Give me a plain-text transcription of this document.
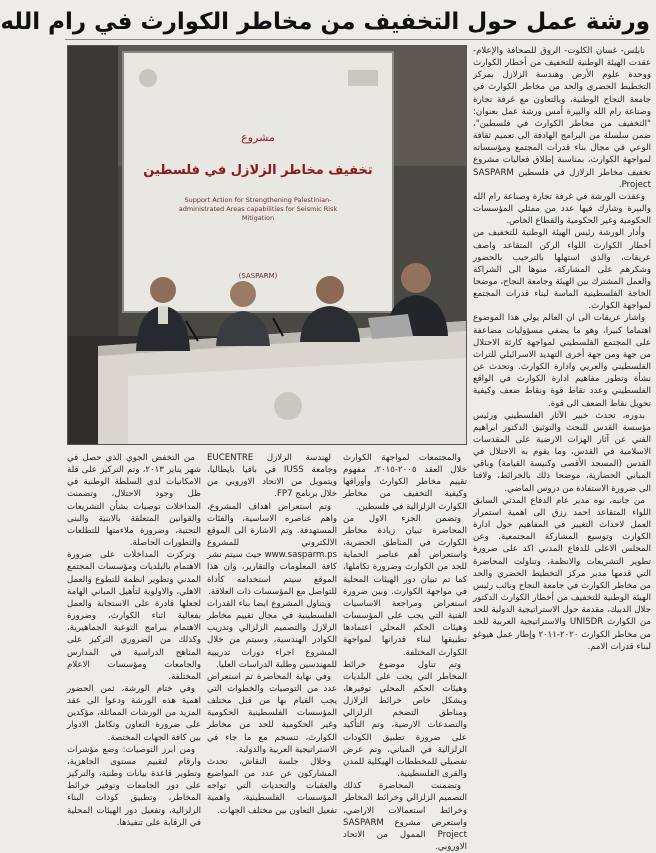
ورشة عمل حول التخفيف من مخاطر الكوارث في رام الله
مشروع
تخفيف مخاطر الزلازل في فلسطين
Support Action for Strengthening Palestinian-administrated Areas capabilities for Seismic Risk Mitigation
(SASPARM)

نابلس- غسان الكلوت- الروق للصحافة والإعلام- عقدت الهيئة الوطنية للتخفيف من أخطار الكوارث ووحدة علوم الأرض وهندسة الزلازل بمركز التخطيط الحضري والحد من مخاطر الكوارث في جامعة النجاح الوطنية، وبالتعاون مع غرفة تجارة وصناعة رام الله والبيرة أمس ورشة عمل بعنوان: "التخفيف من مخاطر الكوارث في فلسطين"، ضمن سلسلة من البرامج الهادفة الى تعميم ثقافة الوعي في مجال بناء قدرات المجتمع ومؤسساته لمواجهة الكوارث، بمناسبة إطلاق فعاليات مشروع تخفيف مخاطر الزلازل في فلسطين SASPARM Project.

وعقدت الورشة في غرفة تجارة وصناعة رام الله والبيرة وشارك فيها عدد من ممثلي المؤسسات الحكومية وغير الحكومية والقطاع الخاص.

وأدار الورشة رئيس الهيئة الوطنية للتخفيف من أخطار الكوارث اللواء الركن المتقاعد واصف عريقات، والذي استهلها بالترحيب بالحضور وشكرهم على المشاركة، منوها الى الشراكة والعمل المشترك بين الهيئة وجامعة النجاح، موضحا الحاجة الفلسطينية الماسة لبناء قدرات المجتمع لمواجهة الكوارث.

واشار عريقات الى ان العالم يولي هذا الموضوع اهتماما كبيرا، وهو ما يضفي مسؤوليات مضاعفة على المجتمع الفلسطيني لمواجهة كارثة الاحتلال من جهة ومن جهة أخرى التهديد الاسرائيلي للتراث الفلسطيني والعربي وادارة الكوارث. وتحدث عن نشأة وتطور مفاهيم ادارة الكوارث في الواقع الفلسطيني وعدد نقاط قوة ونقاط ضعف وكيفية تحويل نقاط الضعف الى قوة.

بدوره، تحدث خبير الآثار الفلسطيني ورئيس مؤسسة القدس للبحث والتوثيق الدكتور ابراهيم الفني عن آثار الهزات الارضية على المقدسات الاسلامية في القدس، وما يقوم به الاحتلال في القدس (المسجد الأقصى وكنيسة القيامة) وباقي المباني الحضارية، موضحا ذلك بالخرائط، ولافتا الى ضرورة الاستفادة من دروس الماضي.

من جانبه، نوه مدير عام الدفاع المدني السابق اللواء المتقاعد احمد رزق الى اهمية استمرار العمل لاحداث التغيير في المفاهيم حول ادارة الكوارث وتوسيع المشاركة المجتمعية. وعن المجلس الاعلى للدفاع المدني اكد على ضرورة تطوير التشريعات والانظمة، وتناولت المحاضرة التي قدمها مدير مركز التخطيط الحضري والحد من مخاطر الكوارث في جامعة النجاح ونائب رئيس الهيئة الوطنية للتخفيف من أخطار الكوارث الدكتور جلال الدبيك، مقدمة حول الاستراتيجية الدولية للحد من الكوارث UNISDR والاستراتيجية العربية للحد من مخاطر الكوارث ٢٠٢٠-٢٠١١ وإطار عمل هيوغو لبناء قدرات الامم.

والمجتمعات لمواجهة الكوارث خلال العقد ٢٠٠٥-٢٠١٥، مفهوم تقييم مخاطر الكوارث وأوراقها وكيفية التخفيف من مخاطر الكوارث الزلزالية في فلسطين.

وتضمن الجزء الاول من المحاضرة تبيان زيادة مخاطر الكوارث في المناطق الحضرية، واستعراض أهم عناصر الحماية للحد من الكوارث وضرورة تكاملها، كما تم تبيان دور الهيئات المحلية في مواجهة الكوارث. وبين ضرورة استعراض ومراجعة الاساسيات الفنية التي يجب على المؤسسات وهيئات الحكم المحلي اعتمادها تطبيقها لبناء قدراتها لمواجهة الكوارث المختلفة.

وتم تناول موضوع خرائط المخاطر التي يجب على البلديات وهيئات الحكم المحلي توفيرها، وبشكل خاص خرائط الزلازل ومناطق التضخم الزلزالي والتصدعات الارضية، وتم التأكيد على ضرورة تطبيق الكودات الزلزالية في المباني، وتم عرض تفصيلي للمخططات الهيكلية للمدن والقرى الفلسطينية.

وتضمنت المحاضرة كذلك التصميم الزلزالي وخرائط المخاطر وخرائط استعمالات الاراضي، واستعرض مشروع SASPARM Project الممول من الاتحاد الاوروبي.

لهندسة الزلازل EUCENTRE وجامعة IUSS في بافيا بايطاليا، ويتمويل من الاتحاد الاوروبي من خلال برنامج FP7.

وتم استعراض اهداف المشروع، واهم عناصره الاساسية، والفئات المستهدفة. وتم الاشارة الى الموقع الالكتروني للمشروع www.sasparm.ps حيث سيتم نشر كافة المعلومات والتقارير، وان هذا الموقع سيتم استخدامه كأداة للتواصل مع المؤسسات ذات العلاقة.

ويتناول المشروع ايضا بناء القدرات الفلسطينية في مجال تقييم مخاطر الزلازل والتصميم الزلزالي وتدريب الكوادر الهندسية، وسيتم من خلال المشروع اجراء دورات تدريبية للمهندسين وطلبة الدراسات العليا.

وفي نهاية المحاضرة تم استعراض عدد من التوصيات والخطوات التي يجب القيام بها من قبل مختلف المؤسسات الفلسطينية الحكومية وغير الحكومية للحد من مخاطر الكوارث، تنسجم مع ما جاء في الاستراتيجية العربية والدولية.

وخلال جلسة النقاش، تحدث المشاركون عن عدد من المواضيع والعقبات والتحديات التي تواجه المؤسسات الفلسطينية، واهمية تفعيل التعاون بين مختلف الجهات.

من التخفض الجوي الذي حصل في شهر يناير ٢٠١٣، وتم التركيز على قلة الامكانيات لدى السلطة الوطنية في ظل وجود الاحتلال، وتضمنت المداخلات توصيات بشأن التشريعات والقوانين المتعلقة بالابنية والبنى التحتية، وضرورة ملاءمتها للتطلعات والتطورات الحاصلة.

وتركزت المداخلات على ضرورة الاهتمام بالبلديات ومؤسسات المجتمع المدني وتطوير انظمة للتطوع والعمل الاهلي، والاولوية لتأهيل المباني الهامة لجعلها قادرة على الاستجابة والعمل بفعالية اثناء الكوارث، وضرورة الاهتمام ببرامج التوعية الجماهيرية، وكذلك من الضروري التركيز على المناهج الدراسية في المدارس والجامعات ومؤسسات الاعلام المختلفة.

وفي ختام الورشة، ثمن الحضور اهمية هذه الورشة ودعوا الى عقد المزيد من الورشات المماثلة، مؤكدين على ضرورة التعاون وتكامل الادوار بين كافة الجهات المختصة.

ومن ابرز التوصيات: وضع مؤشرات وارقام لتقييم مستوى الجاهزية، وتطوير قاعدة بيانات وطنية، والتركيز على دور الجامعات وتوفير خرائط المخاطر، وتطبيق كودات البناء الزلزالية، وتفعيل دور الهيئات المحلية في الرقابة على تنفيذها.
